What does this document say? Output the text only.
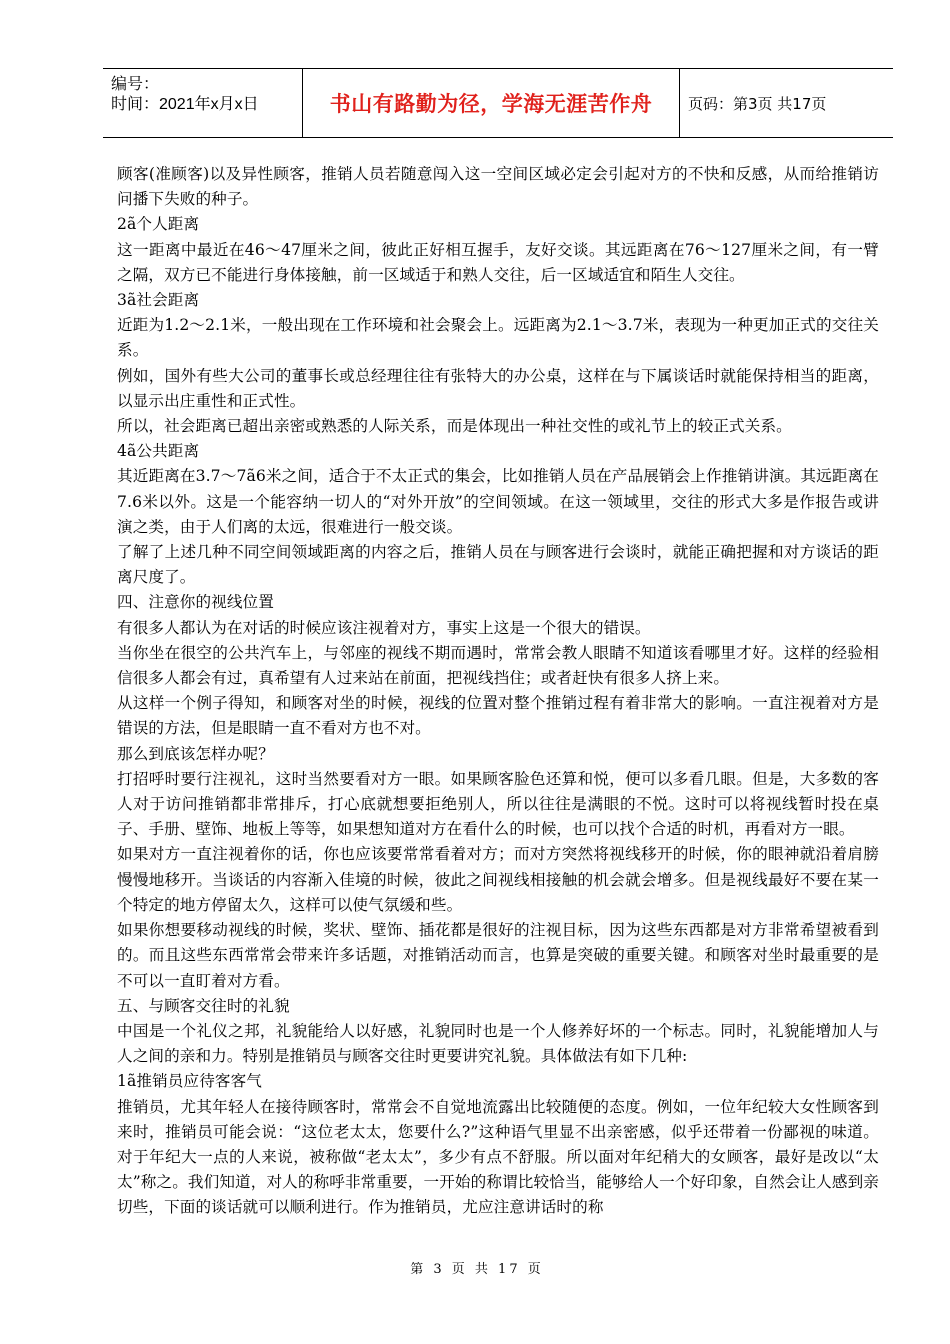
编号：
时间：2021年x月x日	书山有路勤为径，学海无涯苦作舟 页码：第3页 共17页

顾客(准顾客)以及异性顾客，推销人员若随意闯入这一空间区域必定会引起对方的不快和反感，从而给推销访问播下失败的种子。

2ã个人距离

这一距离中最近在46～47厘米之间，彼此正好相互握手，友好交谈。其远距离在76～127厘米之间，有一臂之隔，双方已不能进行身体接触，前一区域适于和熟人交往，后一区域适宜和陌生人交往。

3ã社会距离

近距为1.2～2.1米，一般出现在工作环境和社会聚会上。远距离为2.1～3.7米，表现为一种更加正式的交往关系。

例如，国外有些大公司的董事长或总经理往往有张特大的办公桌，这样在与下属谈话时就能保持相当的距离，以显示出庄重性和正式性。

所以，社会距离已超出亲密或熟悉的人际关系，而是体现出一种社交性的或礼节上的较正式关系。

4ã公共距离

其近距离在3.7～7ã6米之间，适合于不太正式的集会，比如推销人员在产品展销会上作推销讲演。其远距离在7.6米以外。这是一个能容纳一切人的“对外开放”的空间领域。在这一领域里，交往的形式大多是作报告或讲演之类，由于人们离的太远，很难进行一般交谈。

了解了上述几种不同空间领域距离的内容之后，推销人员在与顾客进行会谈时，就能正确把握和对方谈话的距离尺度了。

四、注意你的视线位置

有很多人都认为在对话的时候应该注视着对方，事实上这是一个很大的错误。

当你坐在很空的公共汽车上，与邻座的视线不期而遇时，常常会教人眼睛不知道该看哪里才好。这样的经验相信很多人都会有过，真希望有人过来站在前面，把视线挡住；或者赶快有很多人挤上来。

从这样一个例子得知，和顾客对坐的时候，视线的位置对整个推销过程有着非常大的影响。一直注视着对方是错误的方法，但是眼睛一直不看对方也不对。

那么到底该怎样办呢？

打招呼时要行注视礼，这时当然要看对方一眼。如果顾客脸色还算和悦，便可以多看几眼。但是，大多数的客人对于访问推销都非常排斥，打心底就想要拒绝别人，所以往往是满眼的不悦。这时可以将视线暂时投在桌子、手册、壁饰、地板上等等，如果想知道对方在看什么的时候，也可以找个合适的时机，再看对方一眼。

如果对方一直注视着你的话，你也应该要常常看着对方；而对方突然将视线移开的时候，你的眼神就沿着肩膀慢慢地移开。当谈话的内容渐入佳境的时候，彼此之间视线相接触的机会就会增多。但是视线最好不要在某一个特定的地方停留太久，这样可以使气氛缓和些。

如果你想要移动视线的时候，奖状、壁饰、插花都是很好的注视目标，因为这些东西都是对方非常希望被看到的。而且这些东西常常会带来许多话题，对推销活动而言，也算是突破的重要关键。和顾客对坐时最重要的是不可以一直盯着对方看。

五、与顾客交往时的礼貌

中国是一个礼仪之邦，礼貌能给人以好感，礼貌同时也是一个人修养好坏的一个标志。同时，礼貌能增加人与人之间的亲和力。特别是推销员与顾客交往时更要讲究礼貌。具体做法有如下几种:

1ã推销员应待客客气

推销员，尤其年轻人在接待顾客时，常常会不自觉地流露出比较随便的态度。例如，一位年纪较大女性顾客到来时，推销员可能会说：“这位老太太，您要什么?”这种语气里显不出亲密感，似乎还带着一份鄙视的味道。对于年纪大一点的人来说，被称做“老太太”，多少有点不舒服。所以面对年纪稍大的女顾客，最好是改以“太太”称之。我们知道，对人的称呼非常重要，一开始的称谓比较恰当，能够给人一个好印象，自然会让人感到亲切些，下面的谈话就可以顺利进行。作为推销员，尤应注意讲话时的称

第 3 页 共 17 页
